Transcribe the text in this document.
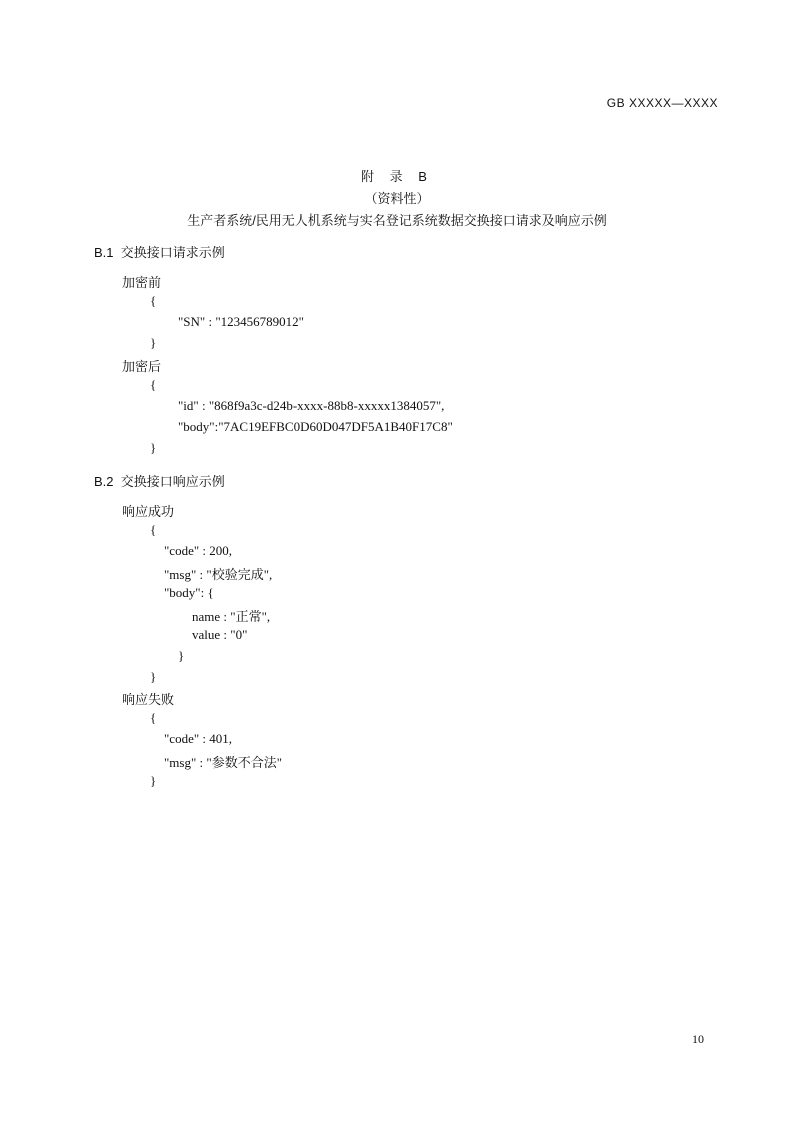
GB XXXXX—XXXX
附 录 B
（资料性）
生产者系统/民用无人机系统与实名登记系统数据交换接口请求及响应示例
B.1  交换接口请求示例
加密前
{
"SN" : "123456789012"
}
加密后
{
"id" : "868f9a3c-d24b-xxxx-88b8-xxxxx1384057",
"body":"7AC19EFBC0D60D047DF5A1B40F17C8"
}
B.2  交换接口响应示例
响应成功
{
"code" : 200,
"msg" : "校验完成",
"body": {
name : "正常",
value : "0"
}
}
响应失败
{
"code" : 401,
"msg" : "参数不合法"
}
10
